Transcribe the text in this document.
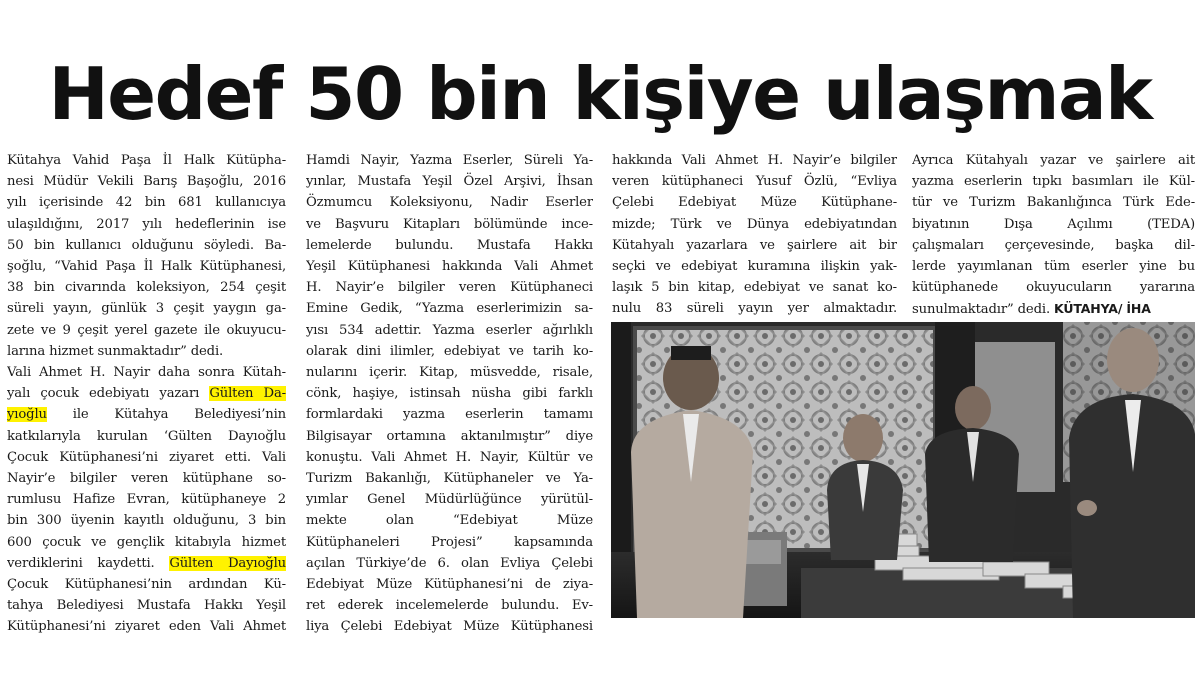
Hedef 50 bin kişiye ulaşmak
Kütahya Vahid Paşa İl Halk Kütüpha-
nesi Müdür Vekili Barış Başoğlu, 2016
yılı içerisinde 42 bin 681 kullanıcıya
ulaşıldığını, 2017 yılı hedeflerinin ise
50 bin kullanıcı olduğunu söyledi. Ba-
şoğlu, “Vahid Paşa İl Halk Kütüphanesi,
38 bin civarında koleksiyon, 254 çeşit
süreli yayın, günlük 3 çeşit yaygın ga-
zete ve 9 çeşit yerel gazete ile okuyucu-
larına hizmet sunmaktadır” dedi.
Vali Ahmet H. Nayir daha sonra Kütah-
yalı çocuk edebiyatı yazarı Gülten Da-
yıoğlu ile Kütahya Belediyesi’nin
katkılarıyla kurulan ‘Gülten Dayıoğlu
Çocuk Kütüphanesi’ni ziyaret etti. Vali
Nayir’e bilgiler veren kütüphane so-
rumlusu Hafize Evran, kütüphaneye 2
bin 300 üyenin kayıtlı olduğunu, 3 bin
600 çocuk ve gençlik kitabıyla hizmet
verdiklerini kaydetti. Gülten Dayıoğlu
Çocuk Kütüphanesi’nin ardından Kü-
tahya Belediyesi Mustafa Hakkı Yeşil
Kütüphanesi’ni ziyaret eden Vali Ahmet
Hamdi Nayir, Yazma Eserler, Süreli Ya-
yınlar, Mustafa Yeşil Özel Arşivi, İhsan
Özmumcu Koleksiyonu, Nadir Eserler
ve Başvuru Kitapları bölümünde ince-
lemelerde bulundu. Mustafa Hakkı
Yeşil Kütüphanesi hakkında Vali Ahmet
H. Nayir’e bilgiler veren Kütüphaneci
Emine Gedik, “Yazma eserlerimizin sa-
yısı 534 adettir. Yazma eserler ağırlıklı
olarak dini ilimler, edebiyat ve tarih ko-
nularını içerir. Kitap, müsvedde, risale,
cönk, haşiye, istinsah nüsha gibi farklı
formlardaki yazma eserlerin tamamı
Bilgisayar ortamına aktanılmıştır” diye
konuştu. Vali Ahmet H. Nayir, Kültür ve
Turizm Bakanlığı, Kütüphaneler ve Ya-
yımlar Genel Müdürlüğünce yürütül-
mekte olan “Edebiyat Müze
Kütüphaneleri Projesi” kapsamında
açılan Türkiye’de 6. olan Evliya Çelebi
Edebiyat Müze Kütüphanesi’ni de ziya-
ret ederek incelemelerde bulundu. Ev-
liya Çelebi Edebiyat Müze Kütüphanesi
hakkında Vali Ahmet H. Nayir’e bilgiler
veren kütüphaneci Yusuf Özlü, “Evliya
Çelebi Edebiyat Müze Kütüphane-
mizde; Türk ve Dünya edebiyatından
Kütahyalı yazarlara ve şairlere ait bir
seçki ve edebiyat kuramına ilişkin yak-
laşık 5 bin kitap, edebiyat ve sanat ko-
nulu 83 süreli yayın yer almaktadır.
Ayrıca Kütahyalı yazar ve şairlere ait
yazma eserlerin tıpkı basımları ile Kül-
tür ve Turizm Bakanlığınca Türk Ede-
biyatının Dışa Açılımı (TEDA)
çalışmaları çerçevesinde, başka dil-
lerde yayımlanan tüm eserler yine bu
kütüphanede okuyucuların yararına
sunulmaktadır” dedi. KÜTAHYA/ İHA
